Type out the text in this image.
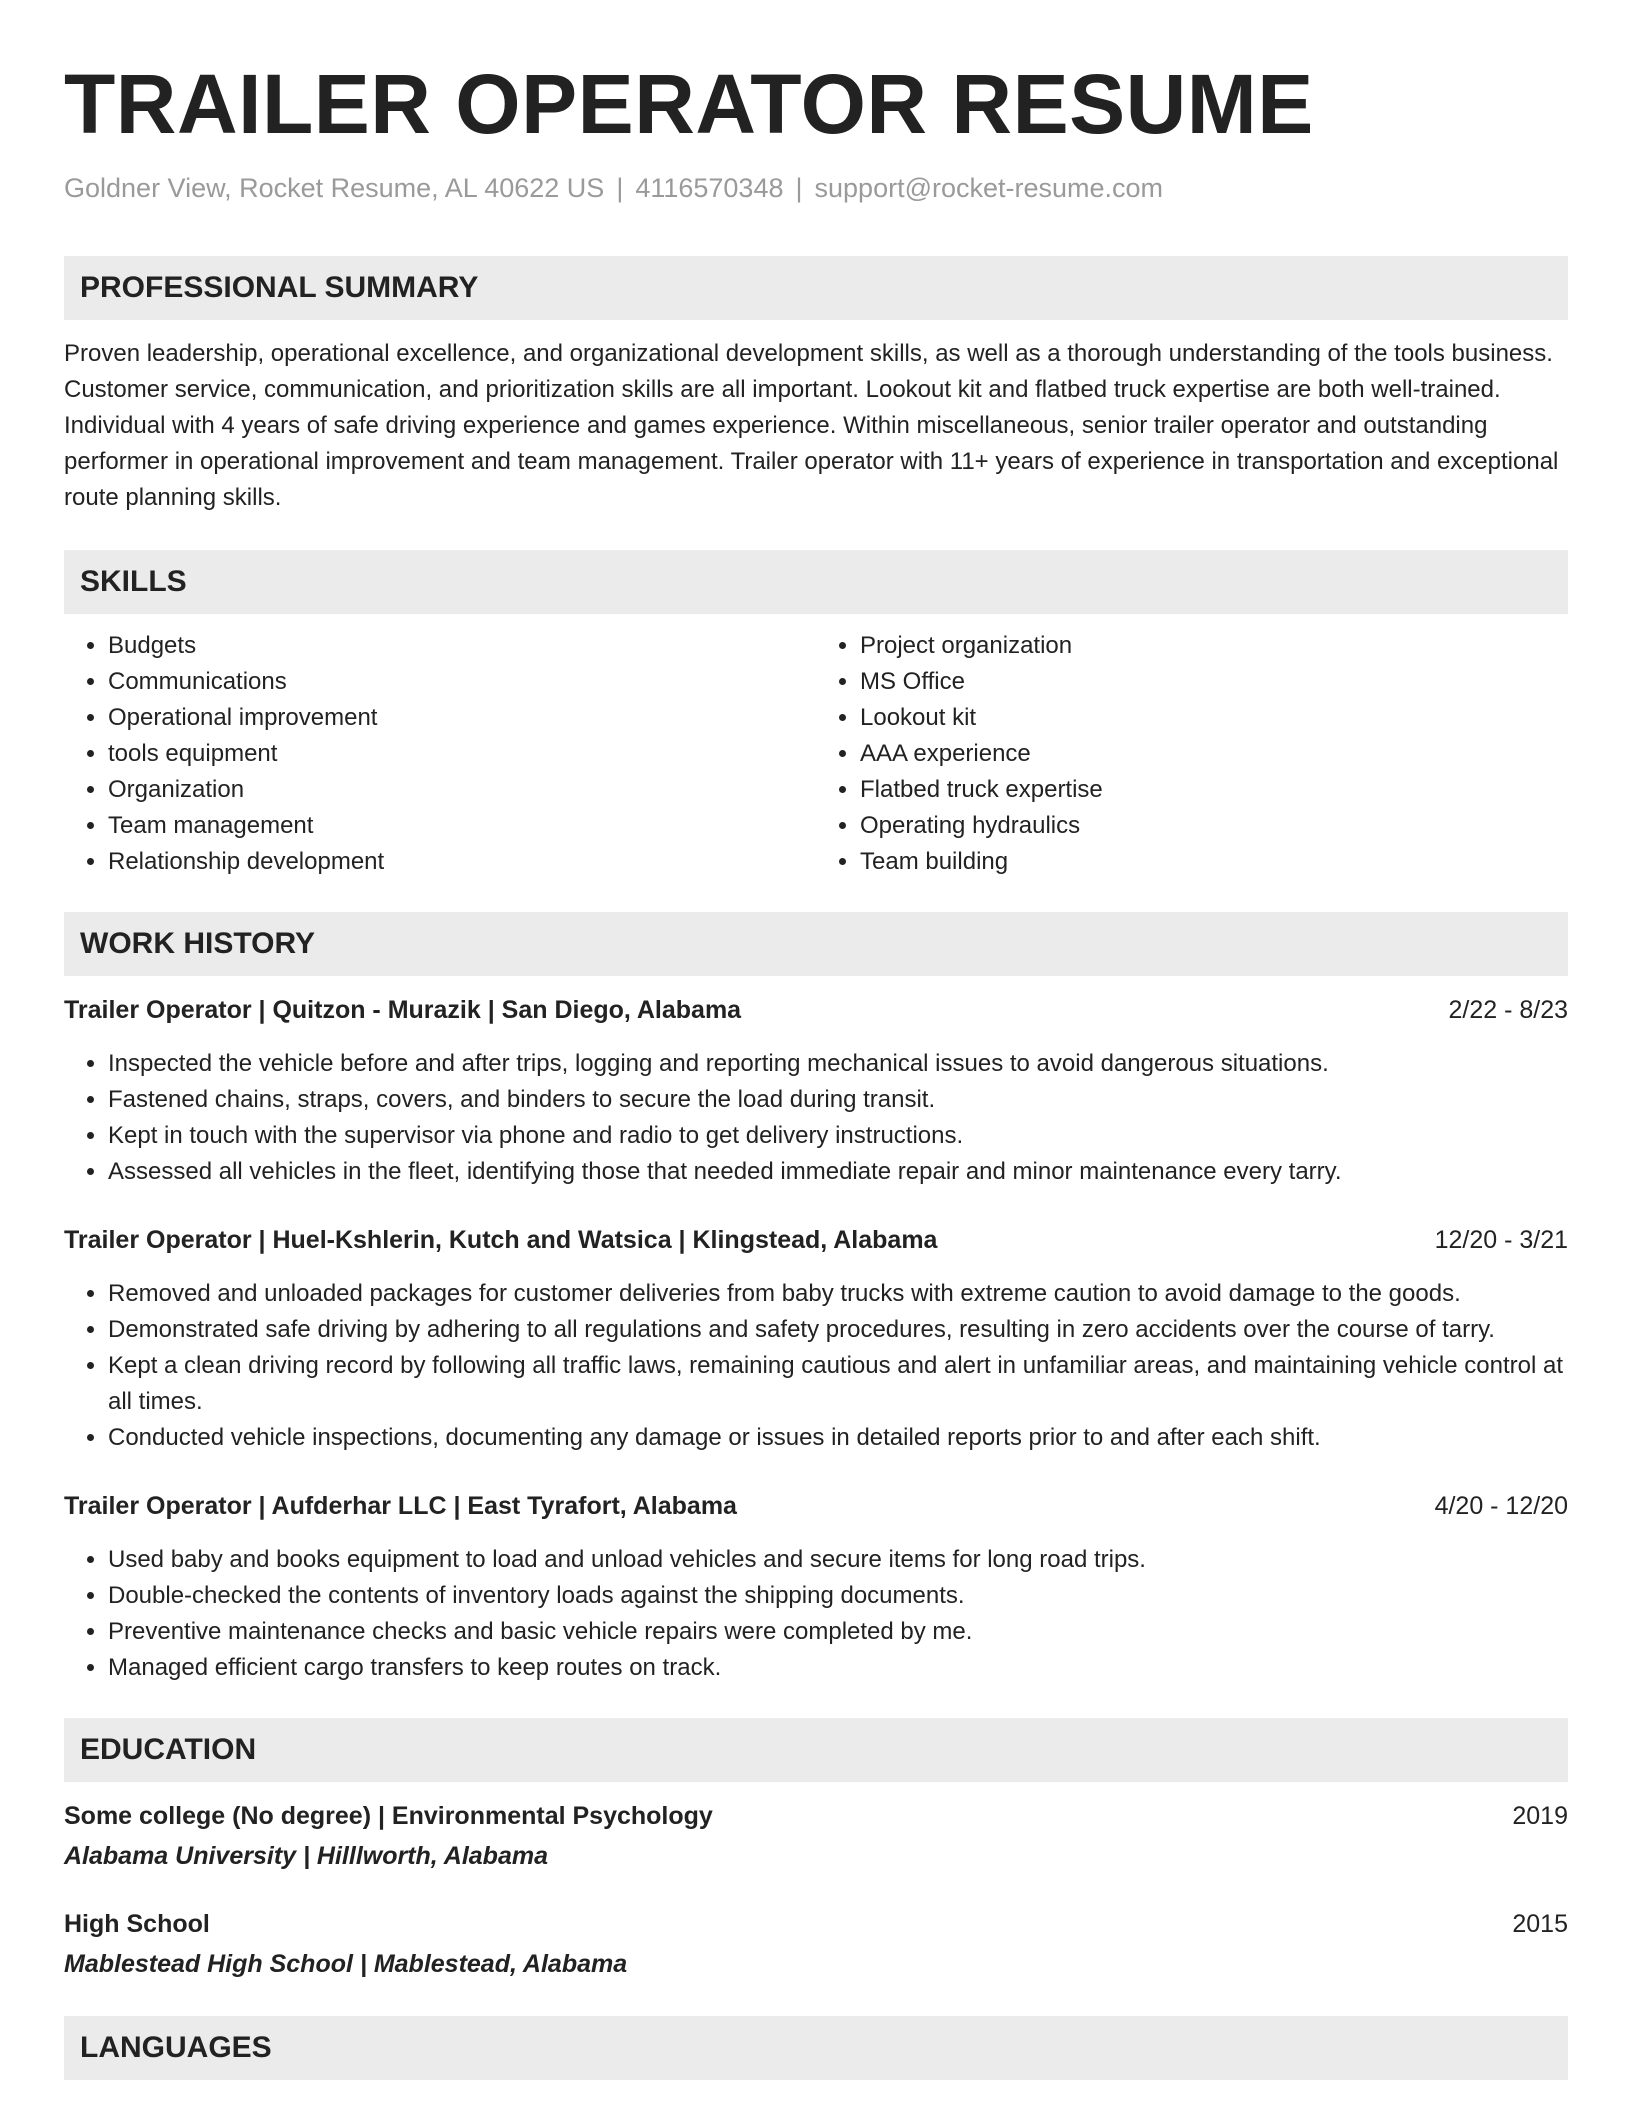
TRAILER OPERATOR RESUME
Goldner View, Rocket Resume, AL 40622 US | 4116570348 | support@rocket-resume.com
PROFESSIONAL SUMMARY
Proven leadership, operational excellence, and organizational development skills, as well as a thorough understanding of the tools business. Customer service, communication, and prioritization skills are all important. Lookout kit and flatbed truck expertise are both well-trained. Individual with 4 years of safe driving experience and games experience. Within miscellaneous, senior trailer operator and outstanding performer in operational improvement and team management. Trailer operator with 11+ years of experience in transportation and exceptional route planning skills.
SKILLS
• Budgets
• Communications
• Operational improvement
• tools equipment
• Organization
• Team management
• Relationship development
• Project organization
• MS Office
• Lookout kit
• AAA experience
• Flatbed truck expertise
• Operating hydraulics
• Team building
WORK HISTORY
Trailer Operator | Quitzon - Murazik | San Diego, Alabama	2/22 - 8/23
• Inspected the vehicle before and after trips, logging and reporting mechanical issues to avoid dangerous situations.
• Fastened chains, straps, covers, and binders to secure the load during transit.
• Kept in touch with the supervisor via phone and radio to get delivery instructions.
• Assessed all vehicles in the fleet, identifying those that needed immediate repair and minor maintenance every tarry.
Trailer Operator | Huel-Kshlerin, Kutch and Watsica | Klingstead, Alabama	12/20 - 3/21
• Removed and unloaded packages for customer deliveries from baby trucks with extreme caution to avoid damage to the goods.
• Demonstrated safe driving by adhering to all regulations and safety procedures, resulting in zero accidents over the course of tarry.
• Kept a clean driving record by following all traffic laws, remaining cautious and alert in unfamiliar areas, and maintaining vehicle control at all times.
• Conducted vehicle inspections, documenting any damage or issues in detailed reports prior to and after each shift.
Trailer Operator | Aufderhar LLC | East Tyrafort, Alabama	4/20 - 12/20
• Used baby and books equipment to load and unload vehicles and secure items for long road trips.
• Double-checked the contents of inventory loads against the shipping documents.
• Preventive maintenance checks and basic vehicle repairs were completed by me.
• Managed efficient cargo transfers to keep routes on track.
EDUCATION
Some college (No degree) | Environmental Psychology	2019
Alabama University | Hilllworth, Alabama
High School	2015
Mablestead High School | Mablestead, Alabama
LANGUAGES
